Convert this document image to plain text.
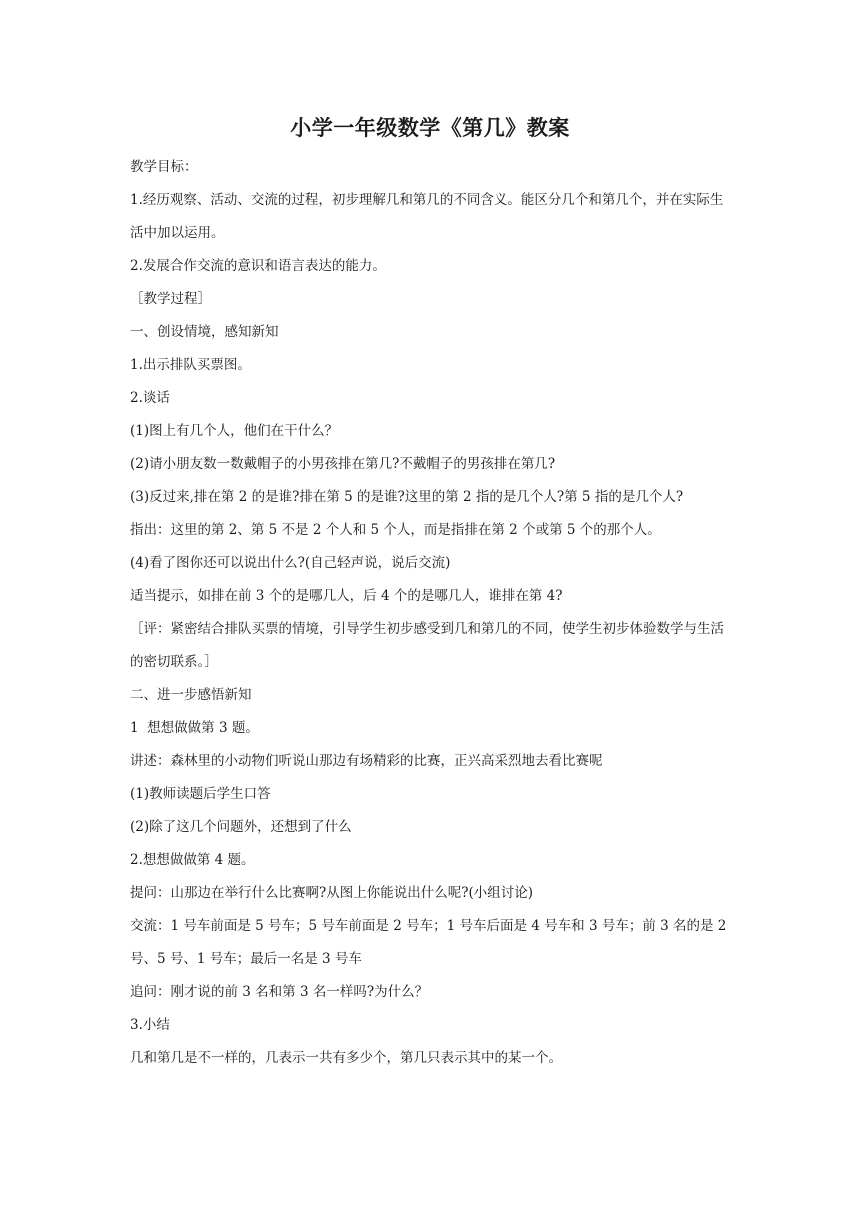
小学一年级数学《第几》教案

教学目标：

1.经历观察、活动、交流的过程，初步理解几和第几的不同含义。能区分几个和第几个，并在实际生活中加以运用。

2.发展合作交流的意识和语言表达的能力。

［教学过程］

一、创设情境，感知新知

1.出示排队买票图。

2.谈话

(1)图上有几个人，他们在干什么？

(2)请小朋友数一数戴帽子的小男孩排在第几?不戴帽子的男孩排在第几?

(3)反过来,排在第 2 的是谁?排在第 5 的是谁?这里的第 2 指的是几个人?第 5 指的是几个人?

指出：这里的第 2、第 5 不是 2 个人和 5 个人，而是指排在第 2 个或第 5 个的那个人。

(4)看了图你还可以说出什么?(自己轻声说，说后交流)

适当提示，如排在前 3 个的是哪几人，后 4 个的是哪几人，谁排在第 4?

［评：紧密结合排队买票的情境，引导学生初步感受到几和第几的不同，使学生初步体验数学与生活的密切联系。］

二、进一步感悟新知

1  想想做做第 3 题。

讲述：森林里的小动物们听说山那边有场精彩的比赛，正兴高采烈地去看比赛呢

(1)教师读题后学生口答

(2)除了这几个问题外，还想到了什么

2.想想做做第 4 题。

提问：山那边在举行什么比赛啊?从图上你能说出什么呢?(小组讨论)

交流：1 号车前面是 5 号车；5 号车前面是 2 号车；1 号车后面是 4 号车和 3 号车；前 3 名的是 2 号、5 号、1 号车；最后一名是 3 号车

追问：刚才说的前 3 名和第 3 名一样吗?为什么？

3.小结

几和第几是不一样的，几表示一共有多少个，第几只表示其中的某一个。
